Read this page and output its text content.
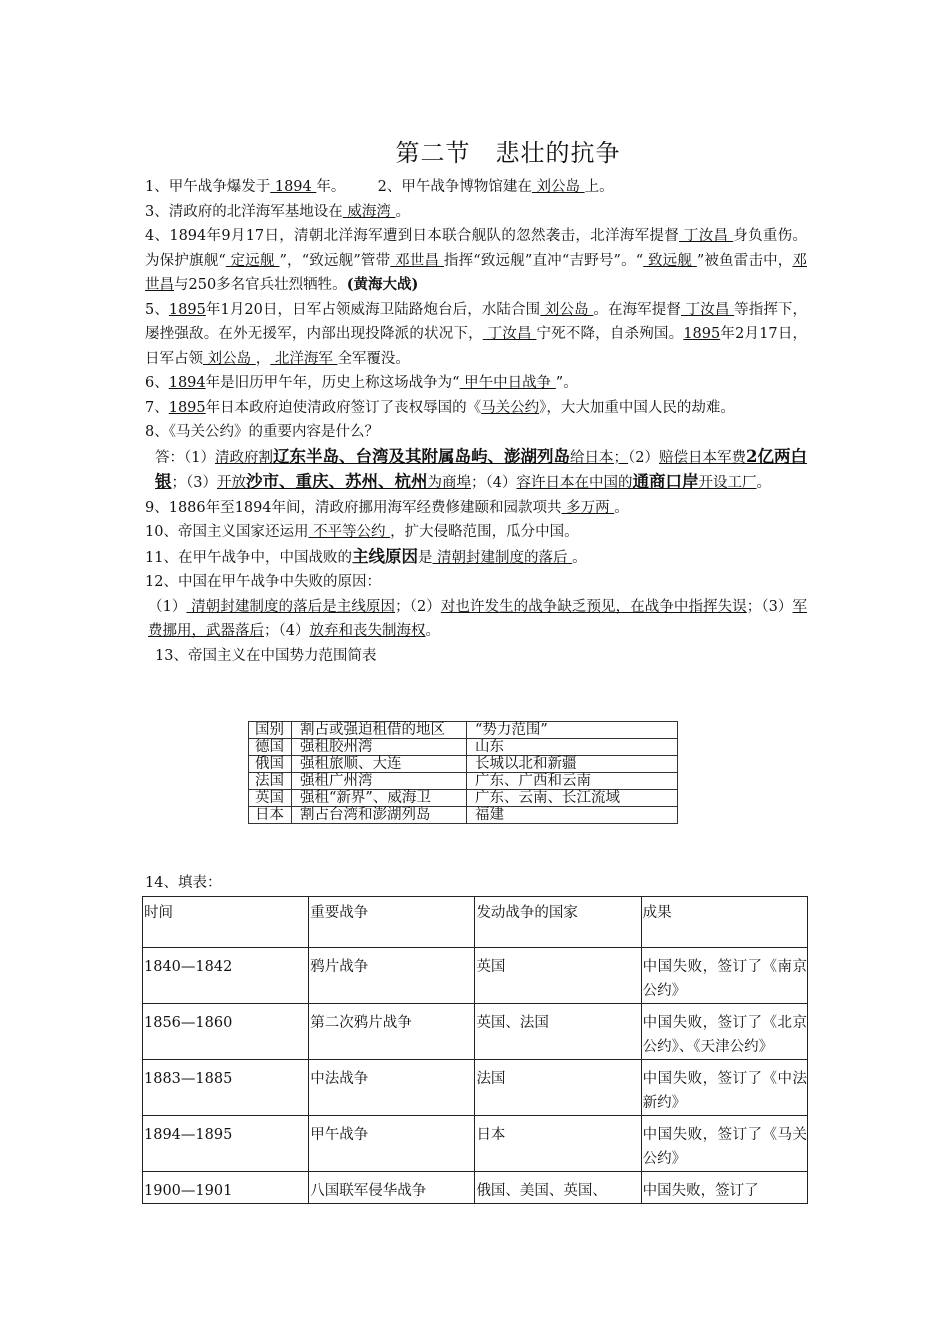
第二节　悲壮的抗争

1、甲午战争爆发于 1894 年。 2、甲午战争博物馆建在 刘公岛 上。

3、清政府的北洋海军基地设在 威海湾 。

4、1894年9月17日，清朝北洋海军遭到日本联合舰队的忽然袭击，北洋海军提督 丁汝昌 身负重伤。为保护旗舰“ 定远舰 ”，“致远舰”管带 邓世昌 指挥“致远舰”直冲“吉野号”。“ 致远舰 ”被鱼雷击中，邓世昌与250多名官兵壮烈牺牲。(黄海大战)

5、1895年1月20日，日军占领威海卫陆路炮台后，水陆合围 刘公岛 。在海军提督 丁汝昌 等指挥下，屡挫强敌。在外无援军，内部出现投降派的状况下， 丁汝昌 宁死不降，自杀殉国。1895年2月17日，日军占领 刘公岛 ， 北洋海军 全军覆没。

6、1894年是旧历甲午年，历史上称这场战争为“ 甲午中日战争 ”。

7、1895年日本政府迫使清政府签订了丧权辱国的《马关公约》，大大加重中国人民的劫难。

8、《马关公约》的重要内容是什么？

答：（1）清政府割辽东半岛、台湾及其附属岛屿、澎湖列岛给日本；（2）赔偿日本军费2亿两白银；（3）开放沙市、重庆、苏州、杭州为商埠；（4）容许日本在中国的通商口岸开设工厂。

9、1886年至1894年间，清政府挪用海军经费修建颐和园款项共 多万两 。

10、帝国主义国家还运用 不平等公约 ，扩大侵略范围，瓜分中国。

11、在甲午战争中，中国战败的主线原因是 清朝封建制度的落后 。

12、中国在甲午战争中失败的原因：

（1） 清朝封建制度的落后是主线原因；（2）对也许发生的战争缺乏预见，在战争中指挥失误；（3）军费挪用，武器落后；（4）放弃和丧失制海权。

13、帝国主义在中国势力范围简表

国别	割占或强迫租借的地区	“势力范围”
德国	强租胶州湾	山东
俄国	强租旅顺、大连	长城以北和新疆
法国	强租广州湾	广东、广西和云南
英国	强租“新界”、威海卫	广东、云南、长江流域
日本	割占台湾和澎湖列岛	福建
14、填表：
时间	重要战争	发动战争的国家	成果
1840—1842	鸦片战争	英国	中国失败，签订了《南京公约》
1856—1860	第二次鸦片战争	英国、法国	中国失败，签订了《北京公约》、《天津公约》
1883—1885	中法战争	法国	中国失败，签订了《中法新约》
1894—1895	甲午战争	日本	中国失败，签订了《马关公约》
1900—1901	八国联军侵华战争	俄国、美国、英国、	中国失败，签订了
